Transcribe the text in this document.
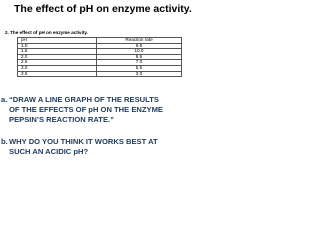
The effect of pH on enzyme activity.
2. The effect of pH on enzyme activity.
pH	Reaction rate
1.0	8.5
1.5	10.0
2.0	8.5
2.5	7.0
3.0	5.5
3.5	3.0
a. “DRAW A LINE GRAPH OF THE RESULTS
OF THE EFFECTS OF pH ON THE ENZYME
PEPSIN’S REACTION RATE.”
b.WHY DO YOU THINK IT WORKS BEST AT
SUCH AN ACIDIC pH?
